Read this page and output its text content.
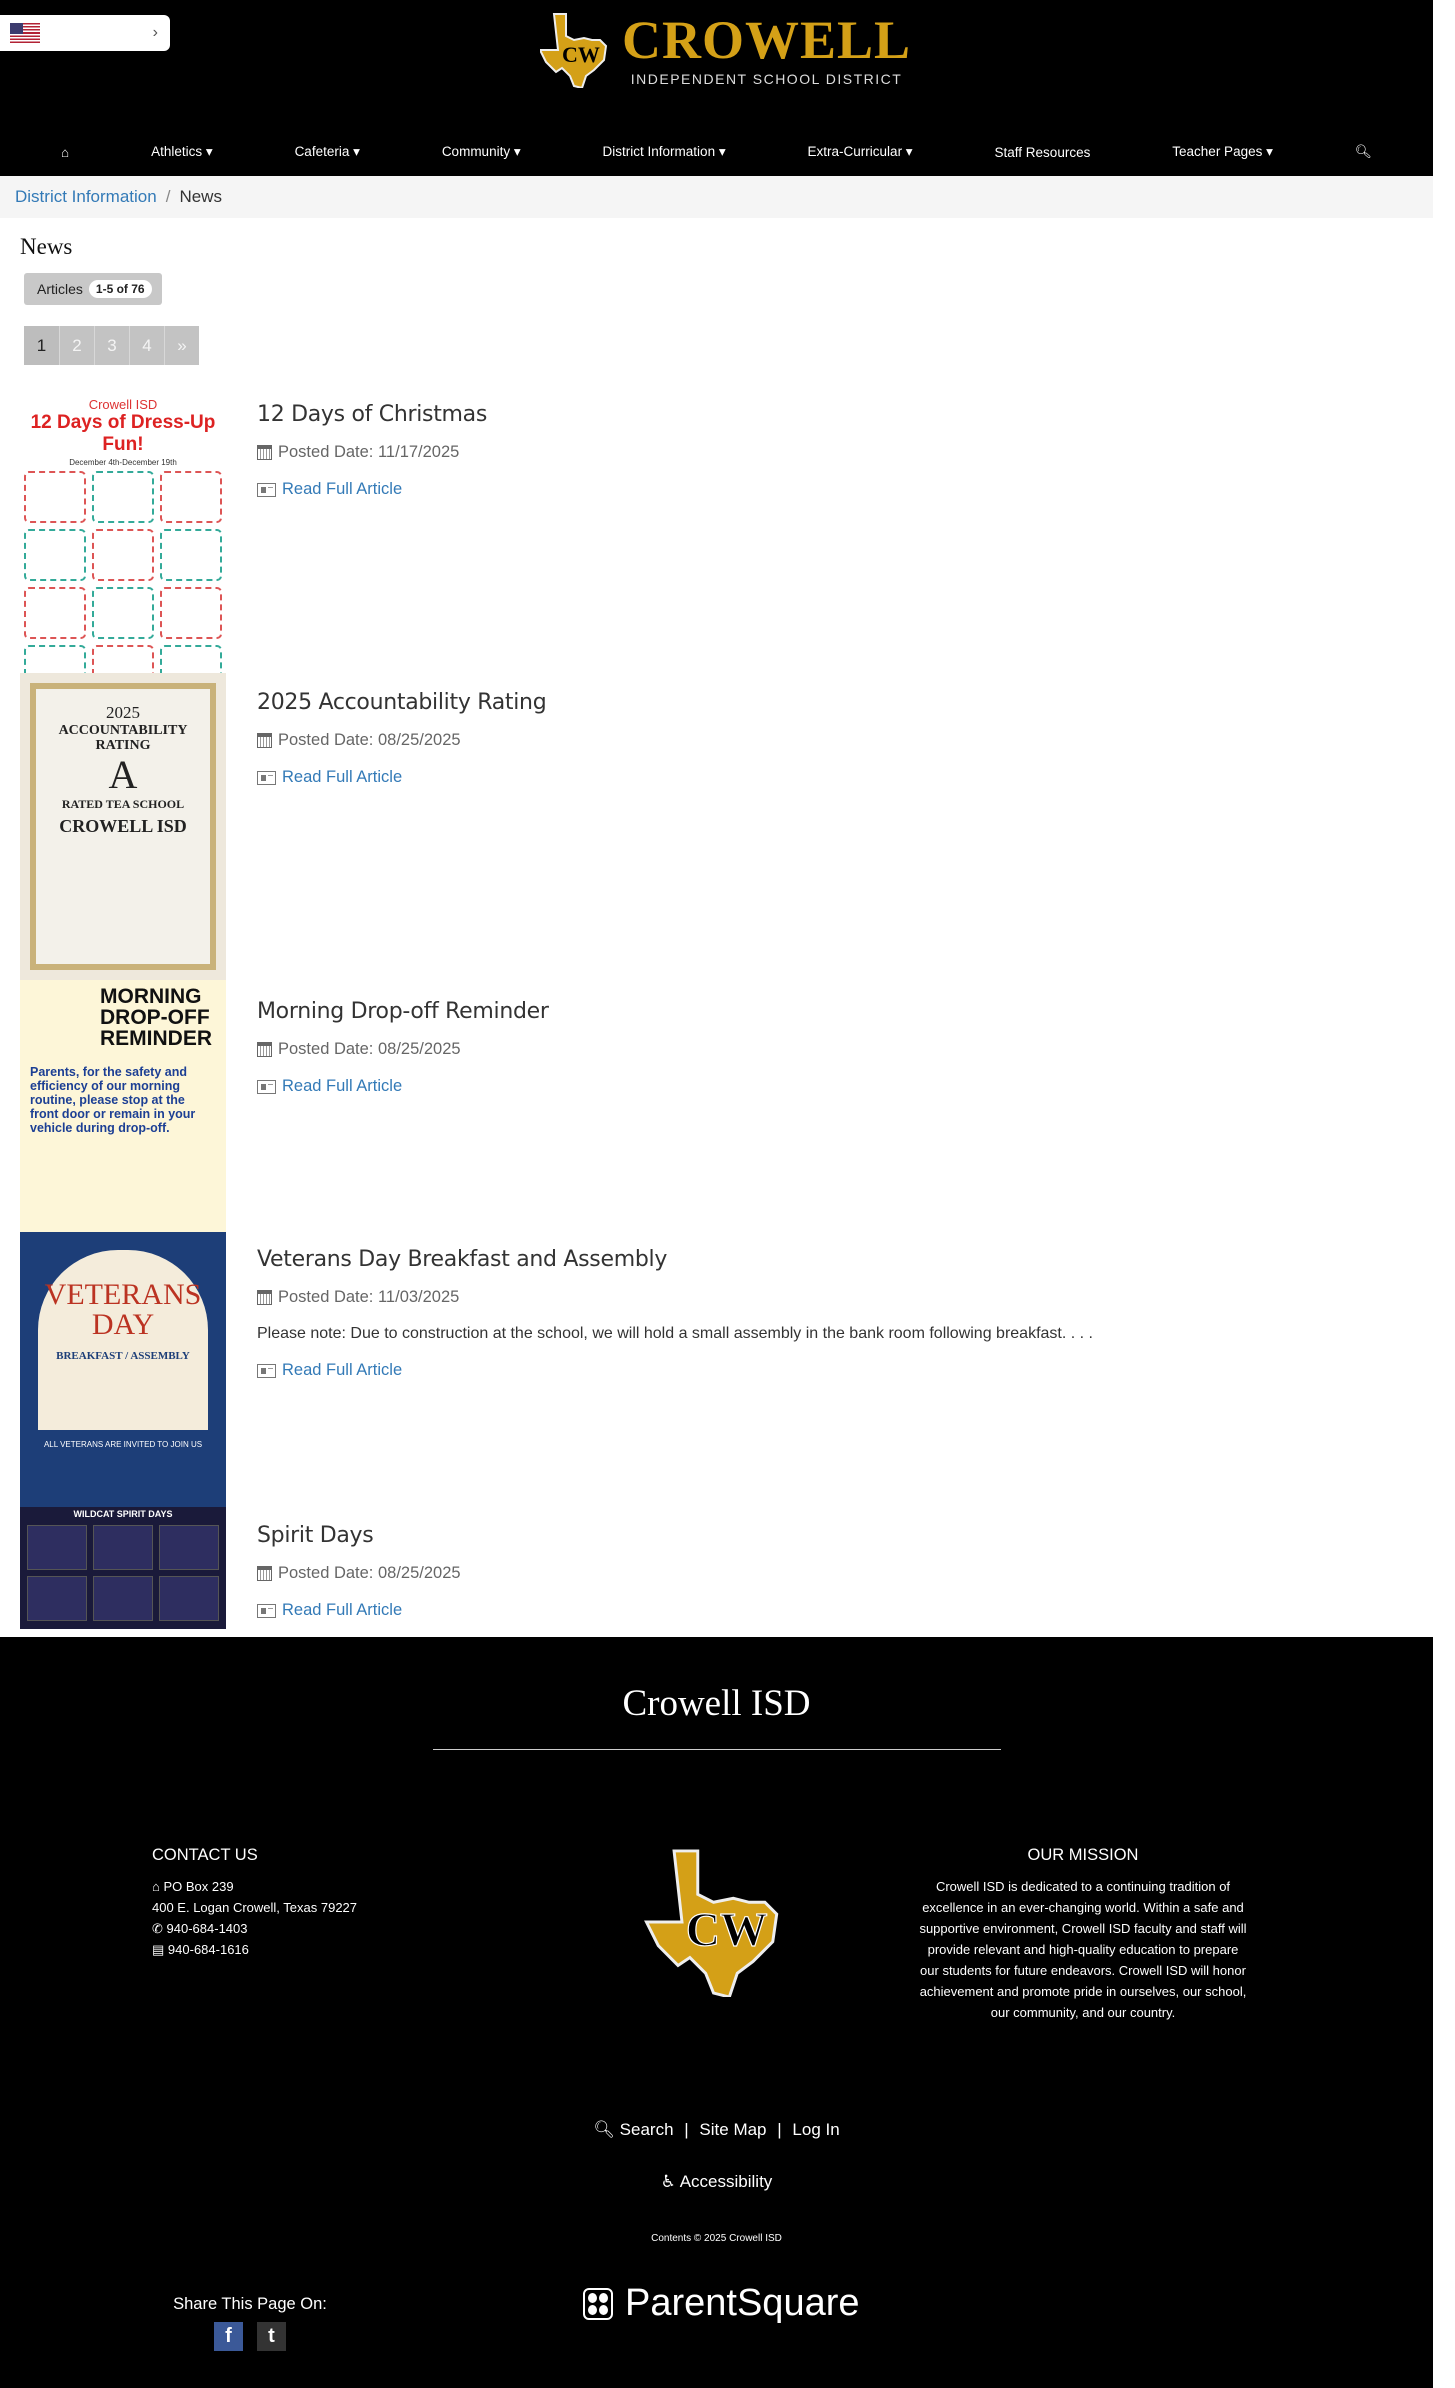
›
CW CROWELL
INDEPENDENT SCHOOL DISTRICT
⌂	Athletics ▾	Cafeteria ▾	Community ▾	District Information ▾	Extra-Curricular ▾	Staff Resources	Teacher Pages ▾	🔍︎
District Information / News
News
Articles	1-5 of 76
1	2	3	4	»
Crowell ISD
12 Days of Dress-Up Fun!
December 4th-December 19th
2025
ACCOUNTABILITY RATING
A
RATED TEA SCHOOL
CROWELL ISD
MORNING DROP-OFF REMINDER
Parents, for the safety and efficiency of our morning routine, please stop at the front door or remain in your vehicle during drop-off.
VETERANS DAY
BREAKFAST / ASSEMBLY
ALL VETERANS ARE INVITED TO JOIN US
WILDCAT SPIRIT DAYS
12 Days of Christmas
Posted Date: 11/17/2025
Read Full Article
2025 Accountability Rating
Posted Date: 08/25/2025
Read Full Article
Morning Drop-off Reminder
Posted Date: 08/25/2025
Read Full Article
Veterans Day Breakfast and Assembly
Posted Date: 11/03/2025
Please note: Due to construction at the school, we will hold a small assembly in the bank room following breakfast. . . .
Read Full Article
Spirit Days
Posted Date: 08/25/2025
Read Full Article
Crowell ISD
CONTACT US
⌂ PO Box 239
400 E. Logan Crowell, Texas 79227
✆ 940-684-1403
▤ 940-684-1616	CW
OUR MISSION

Crowell ISD is dedicated to a continuing tradition of excellence in an ever-changing world. Within a safe and supportive environment, Crowell ISD faculty and staff will provide relevant and high-quality education to prepare our students for future endeavors. Crowell ISD will honor achievement and promote pride in ourselves, our school, our community, and our country.

🔍︎ Search | Site Map | Log In
♿︎ Accessibility
Contents © 2025 Crowell ISD
Share This Page On:
f	t
ParentSquare
